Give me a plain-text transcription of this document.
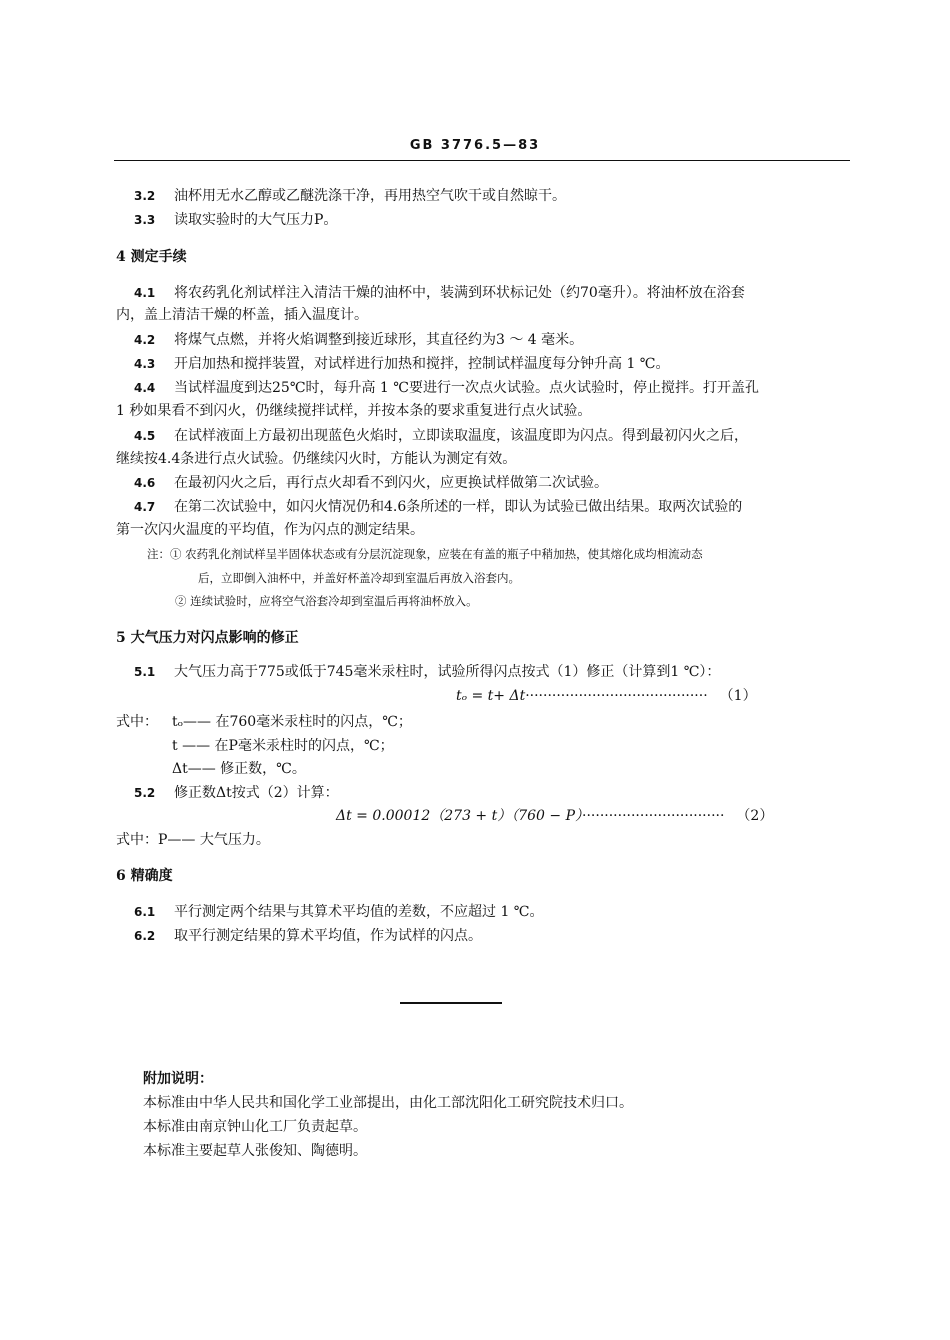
GB 3776.5—83
3.2 油杯用无水乙醇或乙醚洗涤干净，再用热空气吹干或自然晾干。
3.3 读取实验时的大气压力P。
4 测定手续
4.1 将农药乳化剂试样注入清洁干燥的油杯中，装满到环状标记处（约70毫升）。将油杯放在浴套
内，盖上清洁干燥的杯盖，插入温度计。
4.2 将煤气点燃，并将火焰调整到接近球形，其直径约为3 ～ 4 毫米。
4.3 开启加热和搅拌装置，对试样进行加热和搅拌，控制试样温度每分钟升高 1 ℃。
4.4 当试样温度到达25℃时，每升高 1 ℃要进行一次点火试验。点火试验时，停止搅拌。打开盖孔
1 秒如果看不到闪火，仍继续搅拌试样，并按本条的要求重复进行点火试验。
4.5 在试样液面上方最初出现蓝色火焰时，立即读取温度，该温度即为闪点。得到最初闪火之后，
继续按4.4条进行点火试验。仍继续闪火时，方能认为测定有效。
4.6 在最初闪火之后，再行点火却看不到闪火，应更换试样做第二次试验。
4.7 在第二次试验中，如闪火情况仍和4.6条所述的一样，即认为试验已做出结果。取两次试验的
第一次闪火温度的平均值，作为闪点的测定结果。
注：① 农药乳化剂试样呈半固体状态或有分层沉淀现象，应装在有盖的瓶子中稍加热，使其熔化成均相流动态
后，立即倒入油杯中，并盖好杯盖冷却到室温后再放入浴套内。
② 连续试验时，应将空气浴套冷却到室温后再将油杯放入。
5 大气压力对闪点影响的修正
5.1 大气压力高于775或低于745毫米汞柱时，试验所得闪点按式（1）修正（计算到1 ℃）：
tₒ = t+ Δt········································· （1）
式中： tₒ—— 在760毫米汞柱时的闪点，℃；
t —— 在P毫米汞柱时的闪点，℃；
Δt—— 修正数，℃。
5.2 修正数Δt按式（2）计算：
Δt = 0.00012（273 + t）（760 − P）································ （2）
式中：P—— 大气压力。
6 精确度
6.1 平行测定两个结果与其算术平均值的差数，不应超过 1 ℃。
6.2 取平行测定结果的算术平均值，作为试样的闪点。
附加说明：
本标准由中华人民共和国化学工业部提出，由化工部沈阳化工研究院技术归口。
本标准由南京钟山化工厂负责起草。
本标准主要起草人张俊知、陶德明。
